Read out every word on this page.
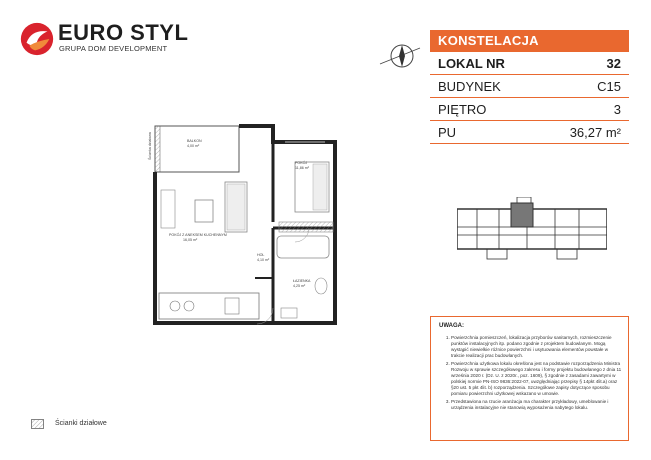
EURO STYL
GRUPA DOM DEVELOPMENT
KONSTELACJA
LOKAL NR	32
BUDYNEK	C15
PIĘTRO	3
PU	36,27 m²
BALKON
4,00 m²
POKÓJ
11,86 m²
POKÓJ Z ANEKSEM KUCHENNYM
16,05 m²
HOL
4,10 m²
ŁAZIENKA
4,25 m²
Ścianka działowa
UWAGA:
1. Powierzchnia pomieszczeń, lokalizacja przyborów sanitarnych, rozmieszczenie punktów instalacyjnych itp. podano zgodnie z projektem budowlanym. Mogą wystąpić niewielkie różnice powierzchni i usytuowania elementów powstałe w trakcie realizacji prac budowlanych.
2. Powierzchnia użytkowa lokalu określona jest na podstawie rozporządzenia Ministra Rozwoju w sprawie szczegółowego zakresu i formy projektu budowlanego z dnia 11 września 2020 r. (Dz. U. z 2020r., poz. 1609), § zgodnie z zasadami zawartymi w polskiej normie PN-ISO 9836:2022-07, uwzględniając przepisy § 14pkt 4lit.a) oraz §20 ust. 5 pkt 4lit. b) rozporządzenia. Szczegółowe zapisy dotyczące sposobu pomiaru powierzchni użytkowej wskazano w umowie.
3. Przedstawiona na rzucie aranżacja ma charakter przykładowy, umeblowanie i urządzenia instalacyjne nie stanowią wyposażenia nabytego lokalu.
Ścianki działowe
